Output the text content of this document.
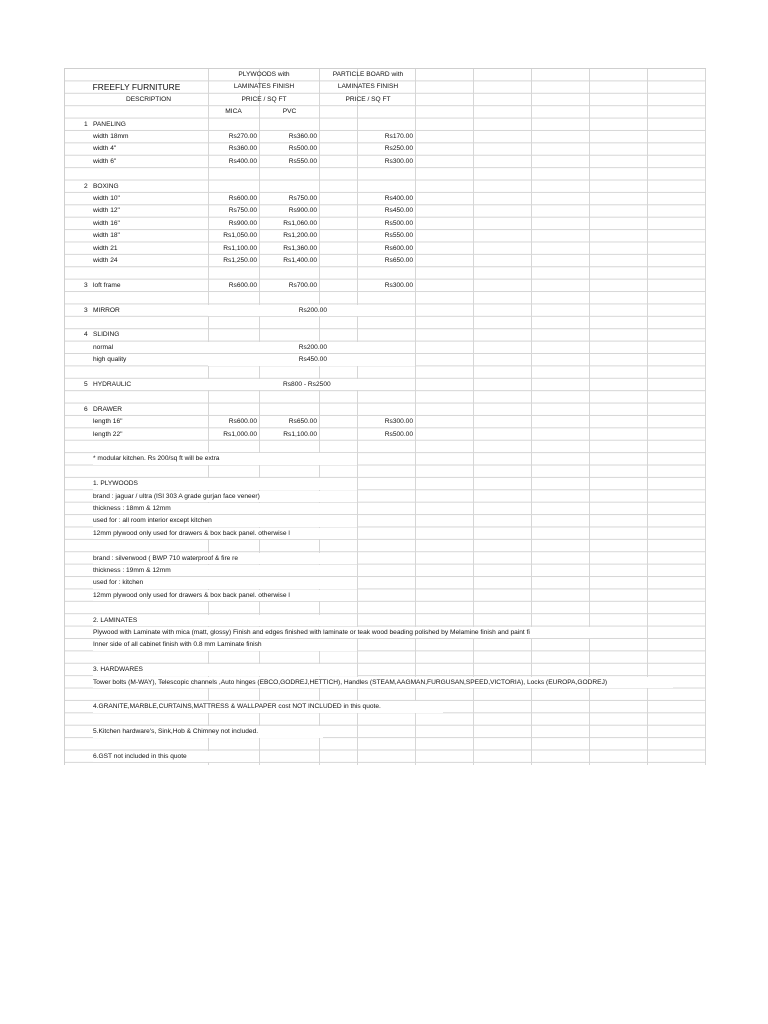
PLYWOODS with	PARTICLE BOARD with
FREEFLY FURNITURE	LAMINATES FINISH	LAMINATES FINISH
DESCRIPTION	PRICE / SQ FT	PRICE / SQ FT
MICA	PVC
1 PANELING
width 18mm	Rs270.00	Rs360.00	Rs170.00
width 4"	Rs360.00	Rs500.00	Rs250.00
width 6"	Rs400.00	Rs550.00	Rs300.00
2 BOXING
width 10"	Rs600.00	Rs750.00	Rs400.00
width 12"	Rs750.00	Rs900.00	Rs450.00
width 16"	Rs900.00	Rs1,060.00	Rs500.00
width 18"	Rs1,050.00	Rs1,200.00	Rs550.00
width 21	Rs1,100.00	Rs1,360.00	Rs600.00
width 24	Rs1,250.00	Rs1,400.00	Rs650.00
3 loft frame	Rs600.00	Rs700.00	Rs300.00
3 MIRROR	Rs200.00
4 SLIDING
normal	Rs200.00
high quality	Rs450.00
5 HYDRAULIC	Rs800 - Rs2500
6 DRAWER
length 16"	Rs600.00	Rs650.00	Rs300.00
length 22"	Rs1,000.00	Rs1,100.00	Rs500.00
* modular kitchen. Rs 200/sq ft will be extra
1. PLYWOODS
brand : jaguar / ultra (ISI 303 A grade gurjan face veneer)
thickness : 18mm & 12mm
used for : all room interior except kitchen
12mm plywood only used for drawers & box back panel. otherwise l
brand : silverwood ( BWP 710 waterproof & fire re
thickness : 19mm & 12mm
used for : kitchen
12mm plywood only used for drawers & box back panel. otherwise l
2. LAMINATES
Plywood with Laminate with mica (matt, glossy) Finish and edges finished with laminate or teak wood beading polished by Melamine finish and paint fi
Inner side of all cabinet finish with 0.8 mm Laminate finish
3. HARDWARES
Tower bolts (M-WAY), Telescopic channels ,Auto hinges (EBCO,GODREJ,HETTICH), Handles (STEAM,AAGMAN,FURGUSAN,SPEED,VICTORIA), Locks (EUROPA,GODREJ)
4.GRANITE,MARBLE,CURTAINS,MATTRESS & WALLPAPER cost NOT INCLUDED in this quote.
5.Kitchen hardware's, Sink,Hob & Chimney not included.
6.GST not included in this quote
